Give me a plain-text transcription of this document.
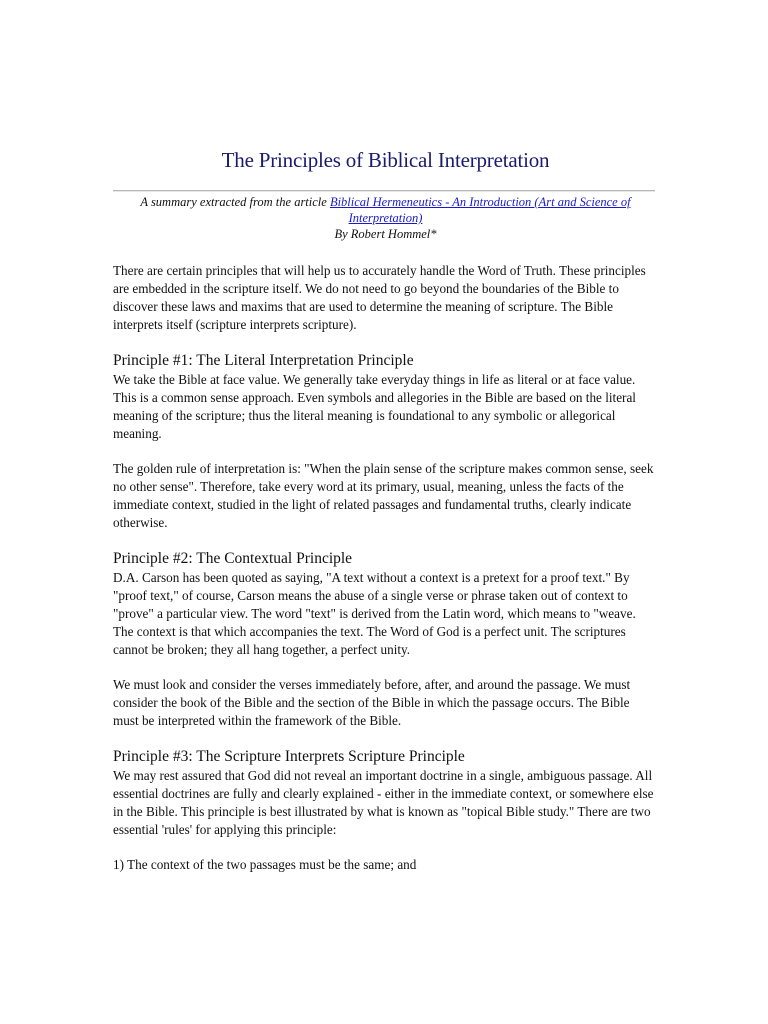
The Principles of Biblical Interpretation
A summary extracted from the article Biblical Hermeneutics - An Introduction (Art and Science of Interpretation)
By Robert Hommel*

There are certain principles that will help us to accurately handle the Word of Truth. These principles are embedded in the scripture itself. We do not need to go beyond the boundaries of the Bible to discover these laws and maxims that are used to determine the meaning of scripture. The Bible interprets itself (scripture interprets scripture).

Principle #1: The Literal Interpretation Principle

We take the Bible at face value. We generally take everyday things in life as literal or at face value. This is a common sense approach. Even symbols and allegories in the Bible are based on the literal meaning of the scripture; thus the literal meaning is foundational to any symbolic or allegorical meaning.

The golden rule of interpretation is: "When the plain sense of the scripture makes common sense, seek no other sense". Therefore, take every word at its primary, usual, meaning, unless the facts of the immediate context, studied in the light of related passages and fundamental truths, clearly indicate otherwise.

Principle #2: The Contextual Principle

D.A. Carson has been quoted as saying, "A text without a context is a pretext for a proof text." By "proof text," of course, Carson means the abuse of a single verse or phrase taken out of context to "prove" a particular view. The word "text" is derived from the Latin word, which means to "weave. The context is that which accompanies the text. The Word of God is a perfect unit. The scriptures cannot be broken; they all hang together, a perfect unity.

We must look and consider the verses immediately before, after, and around the passage. We must consider the book of the Bible and the section of the Bible in which the passage occurs. The Bible must be interpreted within the framework of the Bible.

Principle #3: The Scripture Interprets Scripture Principle

We may rest assured that God did not reveal an important doctrine in a single, ambiguous passage. All essential doctrines are fully and clearly explained - either in the immediate context, or somewhere else in the Bible. This principle is best illustrated by what is known as "topical Bible study." There are two essential 'rules' for applying this principle:

1) The context of the two passages must be the same; and
